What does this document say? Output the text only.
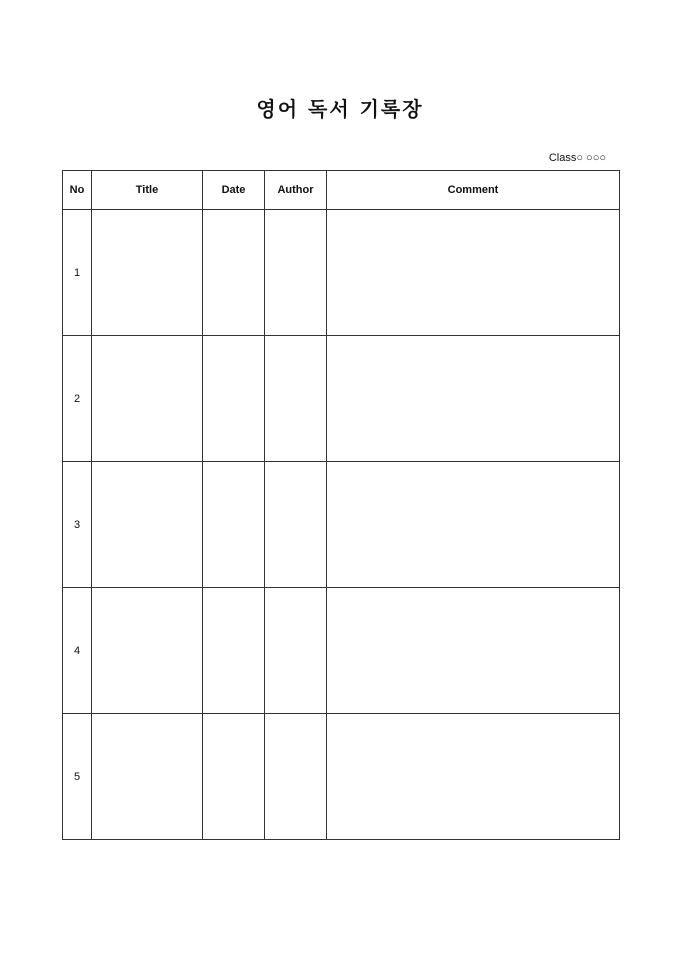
영어 독서 기록장
Class○ ○○○
No	Title	Date	Author	Comment
1				
2				
3				
4				
5				
